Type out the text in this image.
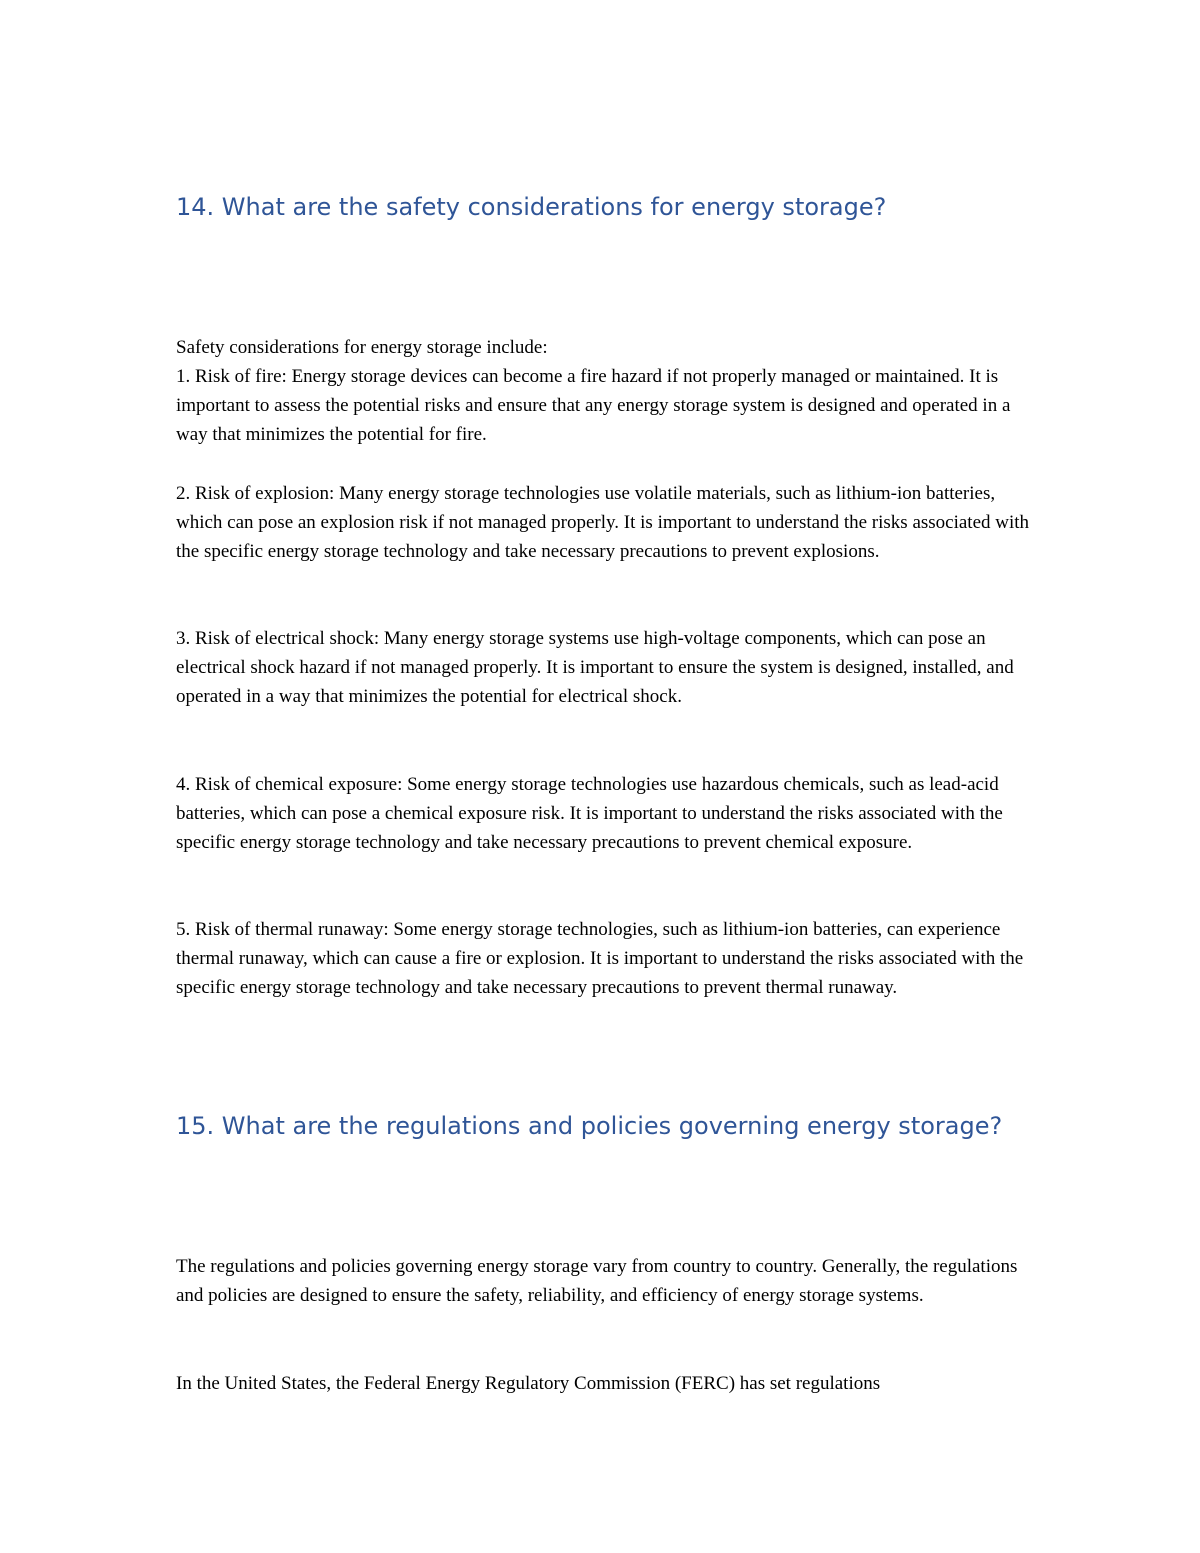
14. What are the safety considerations for energy storage?

Safety considerations for energy storage include:

1. Risk of fire: Energy storage devices can become a fire hazard if not properly managed or maintained. It is important to assess the potential risks and ensure that any energy storage system is designed and operated in a way that minimizes the potential for fire.

2. Risk of explosion: Many energy storage technologies use volatile materials, such as lithium-ion batteries, which can pose an explosion risk if not managed properly. It is important to understand the risks associated with the specific energy storage technology and take necessary precautions to prevent explosions.

3. Risk of electrical shock: Many energy storage systems use high-voltage components, which can pose an electrical shock hazard if not managed properly. It is important to ensure the system is designed, installed, and operated in a way that minimizes the potential for electrical shock.

4. Risk of chemical exposure: Some energy storage technologies use hazardous chemicals, such as lead-acid batteries, which can pose a chemical exposure risk. It is important to understand the risks associated with the specific energy storage technology and take necessary precautions to prevent chemical exposure.

5. Risk of thermal runaway: Some energy storage technologies, such as lithium-ion batteries, can experience thermal runaway, which can cause a fire or explosion. It is important to understand the risks associated with the specific energy storage technology and take necessary precautions to prevent thermal runaway.

15. What are the regulations and policies governing energy storage?

The regulations and policies governing energy storage vary from country to country. Generally, the regulations and policies are designed to ensure the safety, reliability, and efficiency of energy storage systems.

In the United States, the Federal Energy Regulatory Commission (FERC) has set regulations
